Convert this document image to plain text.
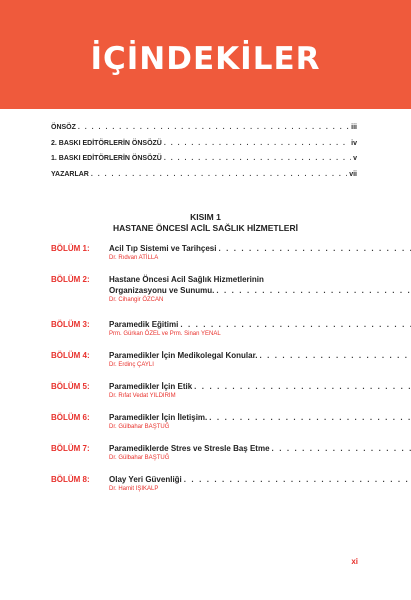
İÇİNDEKİLER
ÖNSÖZ . . .	iii
2. BASKI EDİTÖRLERİN ÖNSÖZÜ . . .	iv
1. BASKI EDİTÖRLERİN ÖNSÖZÜ . . .	v
YAZARLAR . . .	vii
KISIM 1
HASTANE ÖNCESİ ACİL SAĞLIK HİZMETLERİ
BÖLÜM 1:	Acil Tıp Sistemi ve Tarihçesi
. . .
Dr. Rıdvan ATİLLA
BÖLÜM 2:	Hastane Öncesi Acil Sağlık Hizmetlerinin
Organizasyonu ve Sunumu.
. . .
Dr. Cihangir ÖZCAN
BÖLÜM 3:	Paramedik Eğitimi
. . .
Prm. Gürkan ÖZEL ve Prm. Sinan YENAL
BÖLÜM 4:	Paramedikler İçin Medikolegal Konular.
. . .
Dr. Erdinç ÇAYLI
BÖLÜM 5:	Paramedikler İçin Etik
. . .
Dr. Rıfat Vedat YILDIRIM
BÖLÜM 6:	Paramedikler İçin İletişim.
. . .
Dr. Gülbahar BAŞTUĞ
BÖLÜM 7:	Paramediklerde Stres ve Stresle Baş Etme
. . .
Dr. Gülbahar BAŞTUĞ
BÖLÜM 8:	Olay Yeri Güvenliği
. . .
Dr. Hamit IŞIKALP
xi
